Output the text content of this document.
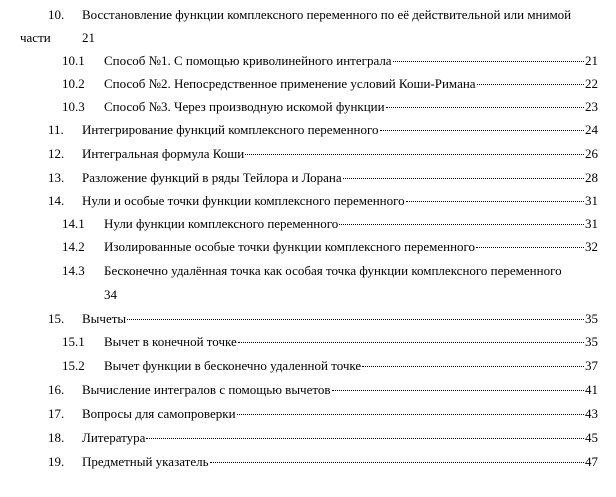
10. Восстановление функции комплексного переменного по её действительной или мнимой
части 21
10.1 Способ №1. С помощью криволинейного интеграла	21
10.2 Способ №2. Непосредственное применение условий Коши-Римана	22
10.3 Способ №3. Через производную искомой функции	23
11. Интегрирование функций комплексного переменного	24
12. Интегральная формула Коши	26
13. Разложение функций в ряды Тейлора и Лорана	28
14. Нули и особые точки функции комплексного переменного	31
14.1 Нули функции комплексного переменного	31
14.2 Изолированные особые точки функции комплексного переменного	32
14.3 Бесконечно удалённая точка как особая точка функции комплексного переменного
34
15. Вычеты	35
15.1 Вычет в конечной точке	35
15.2 Вычет функции в бесконечно удаленной точке	37
16. Вычисление интегралов с помощью вычетов	41
17. Вопросы для самопроверки	43
18. Литература	45
19. Предметный указатель	47
